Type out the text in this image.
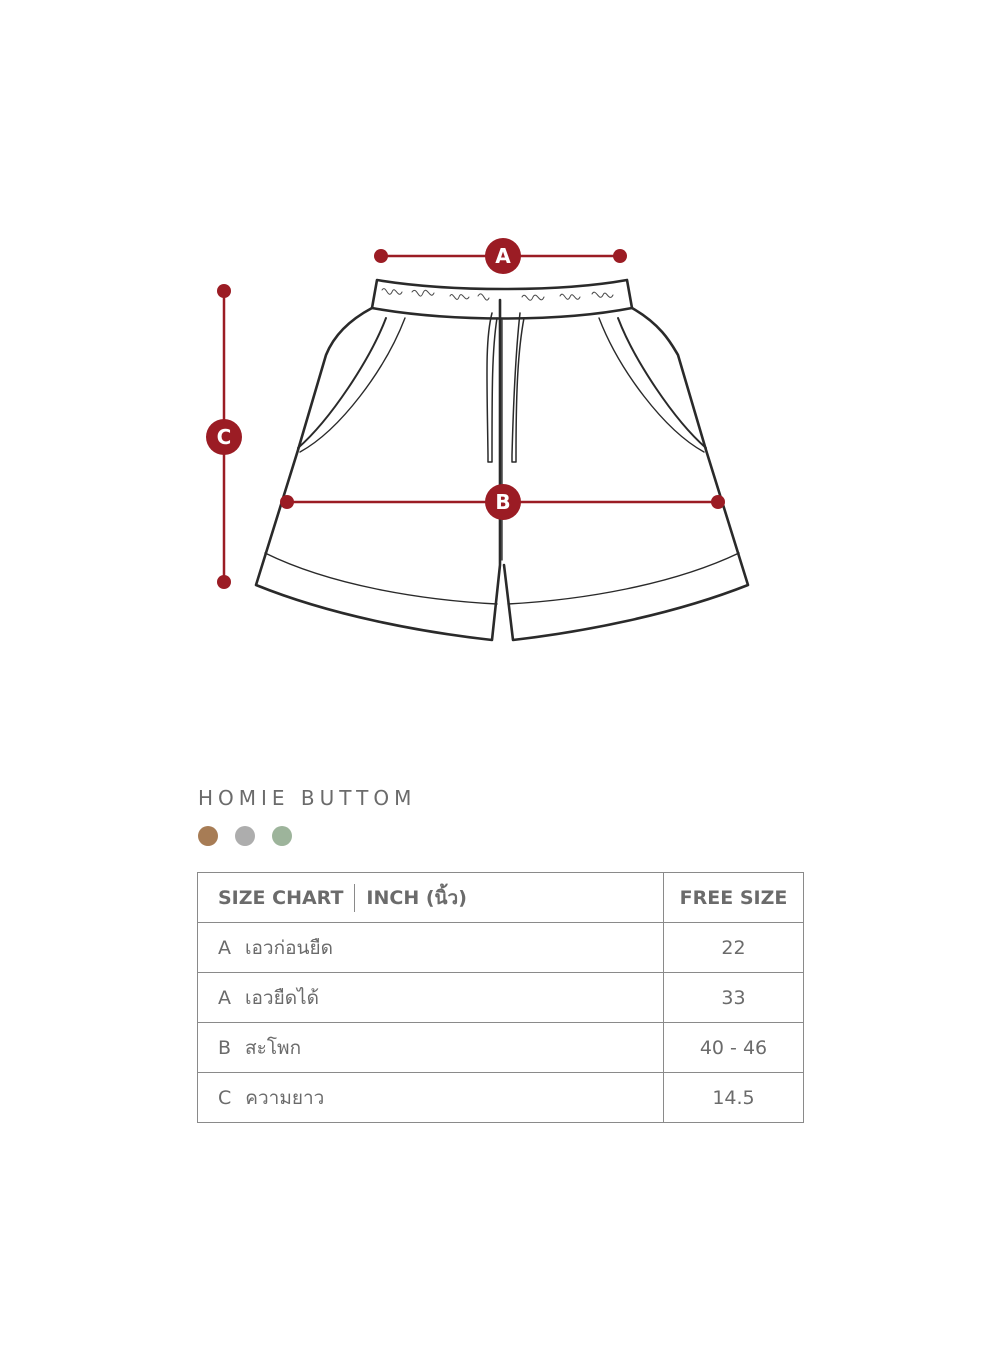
A
B
C
HOMIE BUTTOM
SIZE CHART INCH (นิ้ว)	FREE SIZE
A เอวก่อนยืด	22
A เอวยืดได้	33
B สะโพก	40 - 46
C ความยาว	14.5
